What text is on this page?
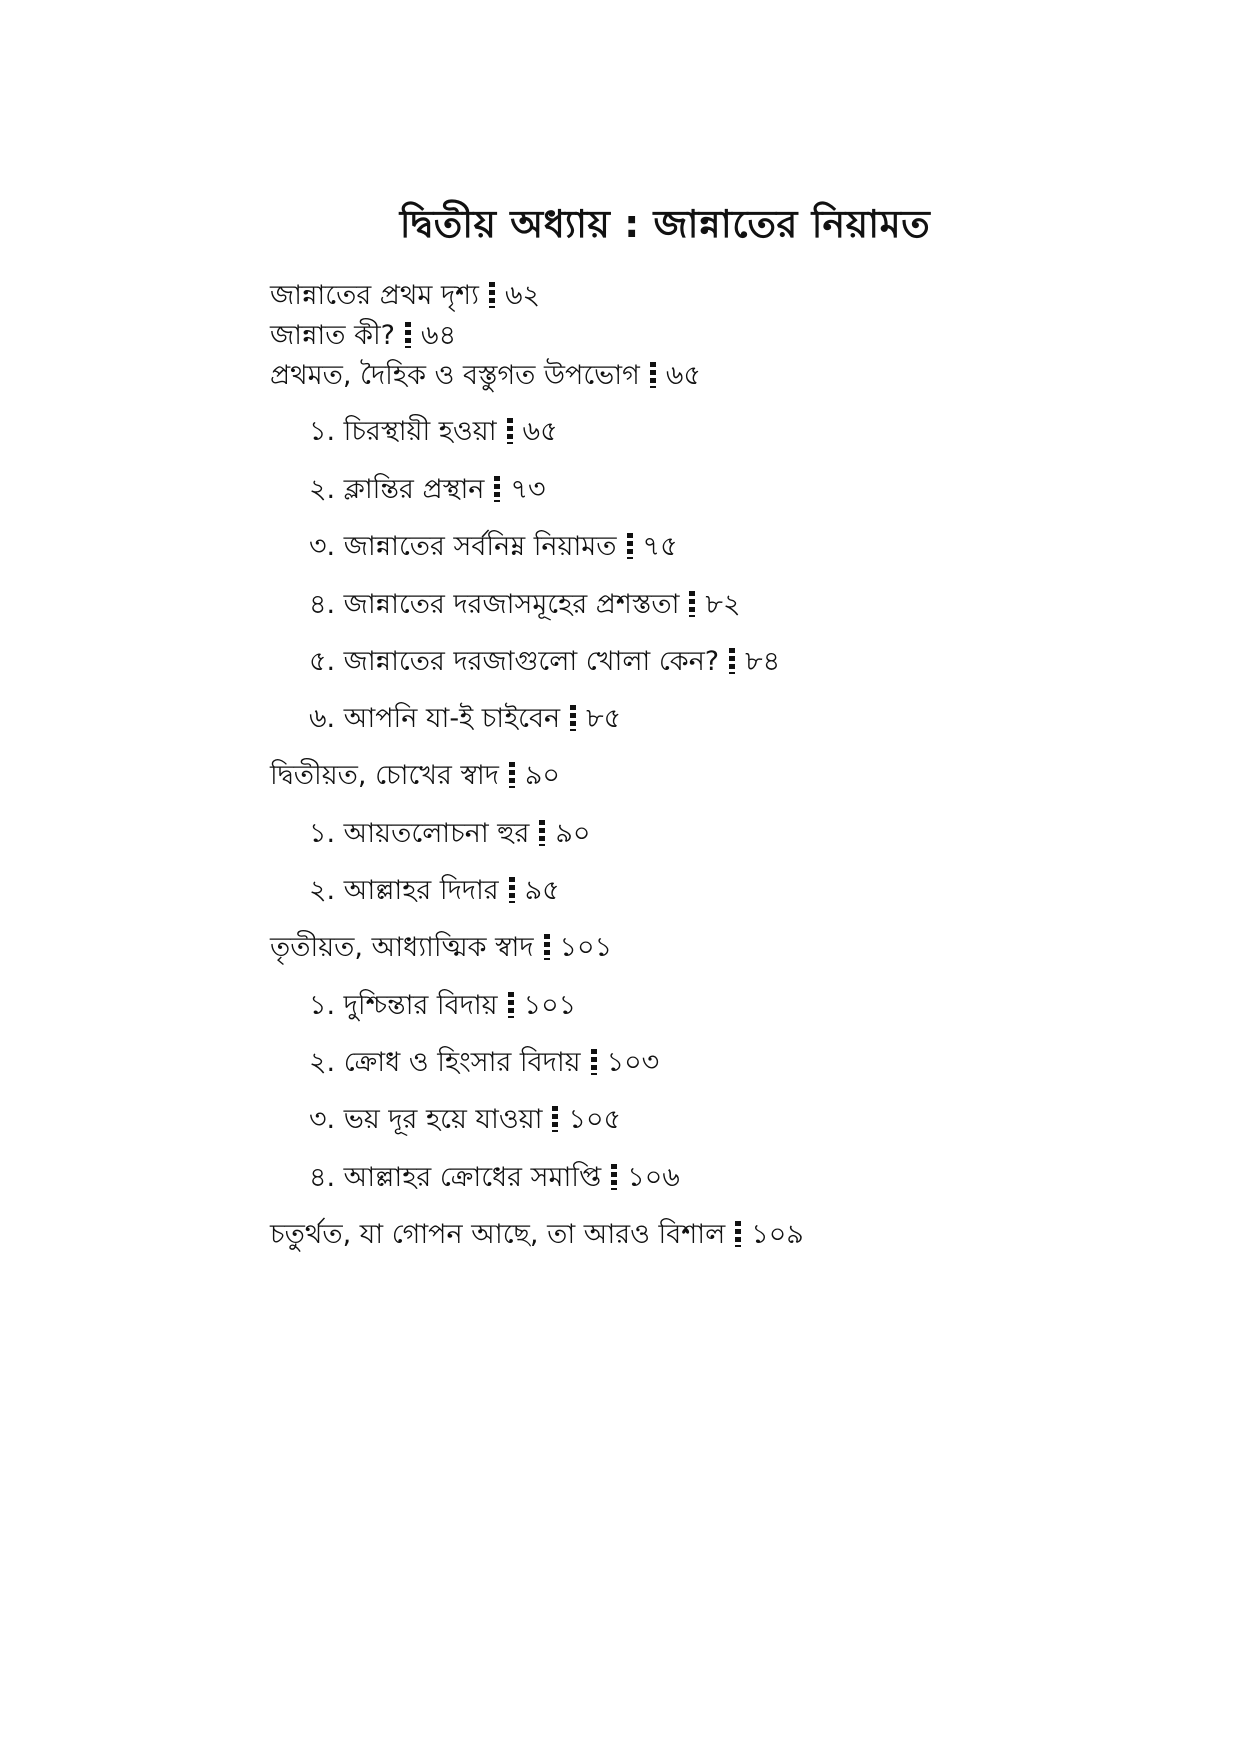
দ্বিতীয় অধ্যায় : জান্নাতের নিয়ামত
জান্নাতের প্রথম দৃশ্য ৬২
জান্নাত কী? ৬৪
প্রথমত, দৈহিক ও বস্তুগত উপভোগ ৬৫
১. চিরস্থায়ী হওয়া ৬৫
২. ক্লান্তির প্রস্থান ৭৩
৩. জান্নাতের সর্বনিম্ন নিয়ামত ৭৫
৪. জান্নাতের দরজাসমূহের প্রশস্ততা ৮২
৫. জান্নাতের দরজাগুলো খোলা কেন? ৮৪
৬. আপনি যা-ই চাইবেন ৮৫
দ্বিতীয়ত, চোখের স্বাদ ৯০
১. আয়তলোচনা হুর ৯০
২. আল্লাহর দিদার ৯৫
তৃতীয়ত, আধ্যাত্মিক স্বাদ ১০১
১. দুশ্চিন্তার বিদায় ১০১
২. ক্রোধ ও হিংসার বিদায় ১০৩
৩. ভয় দূর হয়ে যাওয়া ১০৫
৪. আল্লাহর ক্রোধের সমাপ্তি ১০৬
চতুর্থত, যা গোপন আছে, তা আরও বিশাল ১০৯
